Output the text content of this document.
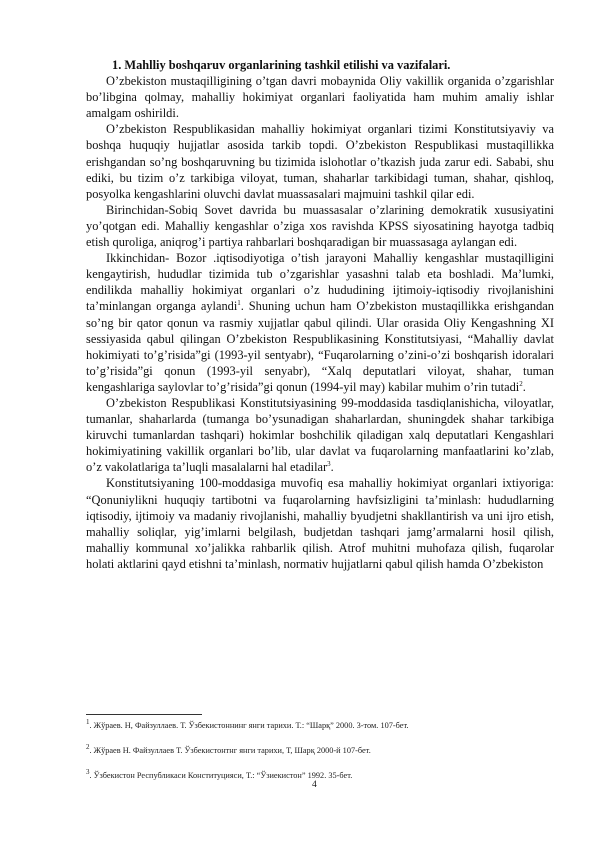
1. Mahlliy boshqaruv organlarining tashkil etilishi va vazifalari.

O’zbekiston mustaqilligining o’tgan davri mobaynida Oliy vakillik organida o’zgarishlar bo’libgina qolmay, mahalliy hokimiyat organlari faoliyatida ham muhim amaliy ishlar amalgam oshirildi.

O’zbekiston Respublikasidan mahalliy hokimiyat organlari tizimi Konstitutsiyaviy va boshqa huquqiy hujjatlar asosida tarkib topdi. O’zbekiston Respublikasi mustaqillikka erishgandan so’ng boshqaruvning bu tizimida islohotlar o’tkazish juda zarur edi. Sababi, shu ediki, bu tizim o’z tarkibiga viloyat, tuman, shaharlar tarkibidagi tuman, shahar, qishloq, posyolka kengashlarini oluvchi davlat muassasalari majmuini tashkil qilar edi.

Birinchidan-Sobiq Sovet davrida bu muassasalar o’zlarining demokratik xususiyatini yo’qotgan edi. Mahalliy kengashlar o’ziga xos ravishda KPSS siyosatining hayotga tadbiq etish quroliga, aniqrog’i partiya rahbarlari boshqaradigan bir muassasaga aylangan edi.

Ikkinchidan- Bozor .iqtisodiyotiga o’tish jarayoni Mahalliy kengashlar mustaqilligini kengaytirish, hududlar tizimida tub o’zgarishlar yasashni talab eta boshladi. Ma’lumki, endilikda mahalliy hokimiyat organlari o’z hududining ijtimoiy-iqtisodiy rivojlanishini ta’minlangan organga aylandi$^1$. Shuning uchun ham O’zbekiston mustaqillikka erishgandan so’ng bir qator qonun va rasmiy xujjatlar qabul qilindi. Ular orasida Oliy Kengashning XI sessiyasida qabul qilingan O’zbekiston Respublikasining Konstitutsiyasi, “Mahalliy davlat hokimiyati to’g’risida”gi (1993-yil sentyabr), “Fuqarolarning o’zini-o’zi boshqarish idoralari to’g’risida”gi qonun (1993-yil senyabr), “Xalq deputatlari viloyat, shahar, tuman kengashlariga saylovlar to’g’risida”gi qonun (1994-yil may) kabilar muhim o’rin tutadi$^2$.

O’zbekiston Respublikasi Konstitutsiyasining 99-moddasida tasdiqlanishicha, viloyatlar, tumanlar, shaharlarda (tumanga bo’ysunadigan shaharlardan, shuningdek shahar tarkibiga kiruvchi tumanlardan tashqari) hokimlar boshchilik qiladigan xalq deputatlari Kengashlari hokimiyatining vakillik organlari bo’lib, ular davlat va fuqarolarning manfaatlarini ko’zlab, o’z vakolatlariga ta’luqli masalalarni hal etadilar$^3$.

Konstitutsiyaning 100-moddasiga muvofiq esa mahalliy hokimiyat organlari ixtiyoriga: “Qonuniylikni huquqiy tartibotni va fuqarolarning havfsizligini ta’minlash: hududlarning iqtisodiy, ijtimoiy va madaniy rivojlanishi, mahalliy byudjetni shakllantirish va uni ijro etish, mahalliy soliqlar, yig’imlarni belgilash, budjetdan tashqari jamg’armalarni hosil qilish, mahalliy kommunal xo’jalikka rahbarlik qilish. Atrof muhitni muhofaza qilish, fuqarolar holati aktlarini qayd etishni ta’minlash, normativ hujjatlarni qabul qilish hamda O’zbekiston

$^1$. Жўраев. Н, Файзуллаев. Т. Ўзбекистоннинг янги тарихи. Т.: “Шарқ” 2000. 3-том. 107-бет.

$^2$. Жўраев Н. Файзуллаев Т. Ўзбекистонтнг янги тарихи, Т, Шарқ 2000-й 107-бет.

$^3$. Ўзбекистон Республикаси Конституцияси, Т.: “Ўзиекистон” 1992. 35-бет.

4
